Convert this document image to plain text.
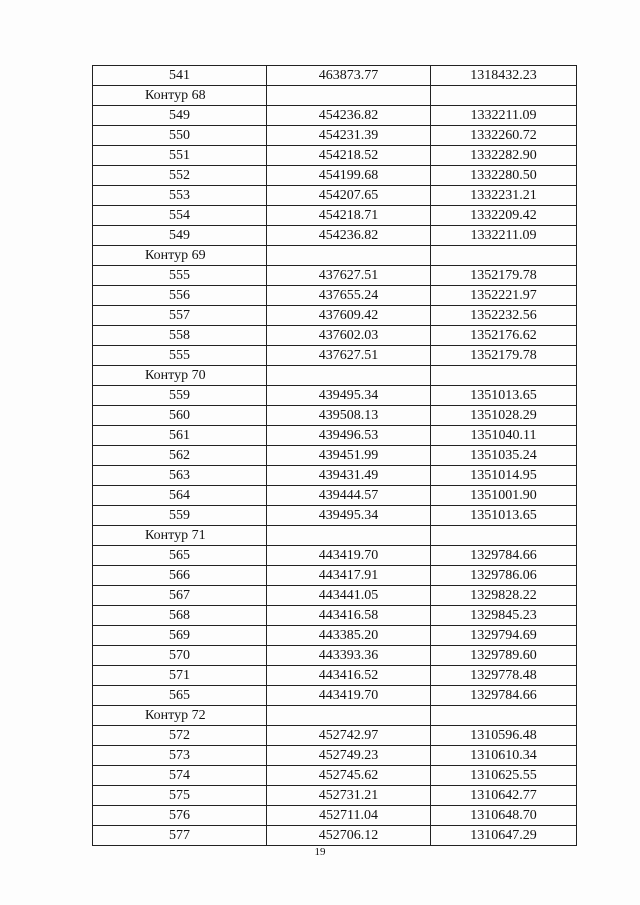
541	463873.77	1318432.23
Контур 68		
549	454236.82	1332211.09
550	454231.39	1332260.72
551	454218.52	1332282.90
552	454199.68	1332280.50
553	454207.65	1332231.21
554	454218.71	1332209.42
549	454236.82	1332211.09
Контур 69		
555	437627.51	1352179.78
556	437655.24	1352221.97
557	437609.42	1352232.56
558	437602.03	1352176.62
555	437627.51	1352179.78
Контур 70		
559	439495.34	1351013.65
560	439508.13	1351028.29
561	439496.53	1351040.11
562	439451.99	1351035.24
563	439431.49	1351014.95
564	439444.57	1351001.90
559	439495.34	1351013.65
Контур 71		
565	443419.70	1329784.66
566	443417.91	1329786.06
567	443441.05	1329828.22
568	443416.58	1329845.23
569	443385.20	1329794.69
570	443393.36	1329789.60
571	443416.52	1329778.48
565	443419.70	1329784.66
Контур 72		
572	452742.97	1310596.48
573	452749.23	1310610.34
574	452745.62	1310625.55
575	452731.21	1310642.77
576	452711.04	1310648.70
577	452706.12	1310647.29
19
